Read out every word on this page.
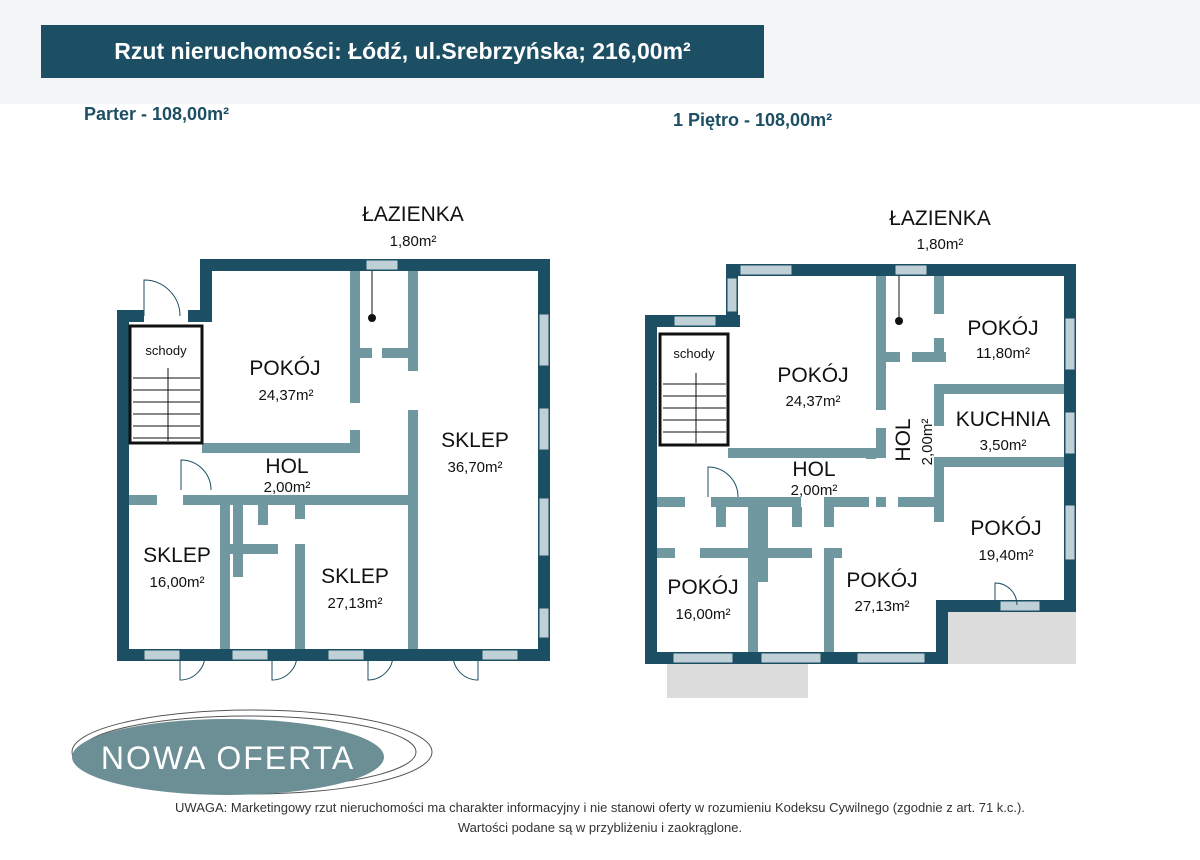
Rzut nieruchomości: Łódź, ul.Srebrzyńska; 216,00m²
Parter - 108,00m²	1 Piętro - 108,00m²
ŁAZIENKA
1,80m²
schody
POKÓJ
24,37m²
HOL
2,00m²
SKLEP
36,70m²
SKLEP
16,00m²	SKLEP
27,13m²
ŁAZIENKA
1,80m²
schody
POKÓJ
24,37m²
POKÓJ
11,80m²
KUCHNIA
3,50m²
HOL 2,00m²
HOL
2,00m²
POKÓJ
19,40m²
POKÓJ
16,00m²
POKÓJ
27,13m²
NOWA OFERTA
UWAGA: Marketingowy rzut nieruchomości ma charakter informacyjny i nie stanowi oferty w rozumieniu Kodeksu Cywilnego (zgodnie z art. 71 k.c.).
Wartości podane są w przybliżeniu i zaokrąglone.
